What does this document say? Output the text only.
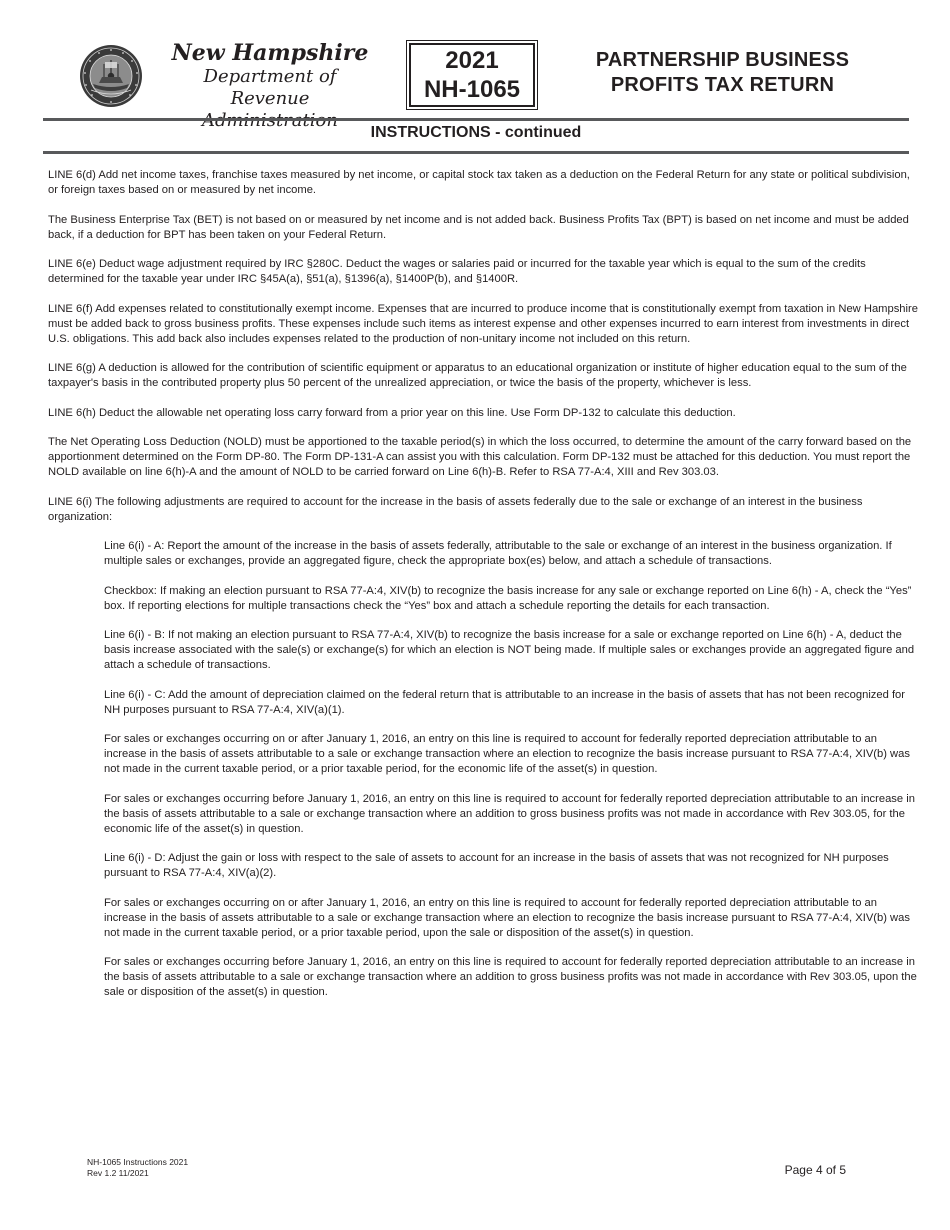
New Hampshire
Department of
Revenue
2021
NH-1065
PARTNERSHIP BUSINESS
PROFITS TAX RETURN
INSTRUCTIONS - continued

LINE 6(d) Add net income taxes, franchise taxes measured by net income, or capital stock tax taken as a deduction on the Federal Return for any state or political subdivision, or foreign taxes based on or measured by net income.

The Business Enterprise Tax (BET) is not based on or measured by net income and is not added back. Business Profits Tax (BPT) is based on net income and must be added back, if a deduction for BPT has been taken on your Federal Return.

LINE 6(e) Deduct wage adjustment required by IRC §280C. Deduct the wages or salaries paid or incurred for the taxable year which is equal to the sum of the credits determined for the taxable year under IRC §45A(a), §51(a), §1396(a), §1400P(b), and §1400R.

LINE 6(f) Add expenses related to constitutionally exempt income. Expenses that are incurred to produce income that is constitutionally exempt from taxation in New Hampshire must be added back to gross business profits. These expenses include such items as interest expense and other expenses incurred to earn interest from investments in direct U.S. obligations. This add back also includes expenses related to the production of non-unitary income not included on this return.

LINE 6(g) A deduction is allowed for the contribution of scientific equipment or apparatus to an educational organization or institute of higher education equal to the sum of the taxpayer's basis in the contributed property plus 50 percent of the unrealized appreciation, or twice the basis of the property, whichever is less.

LINE 6(h) Deduct the allowable net operating loss carry forward from a prior year on this line. Use Form DP-132 to calculate this deduction.

The Net Operating Loss Deduction (NOLD) must be apportioned to the taxable period(s) in which the loss occurred, to determine the amount of the carry forward based on the apportionment determined on the Form DP-80. The Form DP-131-A can assist you with this calculation. Form DP-132 must be attached for this deduction. You must report the NOLD available on line 6(h)-A and the amount of NOLD to be carried forward on Line 6(h)-B. Refer to RSA 77-A:4, XIII and Rev 303.03.

LINE 6(i) The following adjustments are required to account for the increase in the basis of assets federally due to the sale or exchange of an interest in the business organization:

Line 6(i) - A: Report the amount of the increase in the basis of assets federally, attributable to the sale or exchange of an interest in the business organization. If multiple sales or exchanges, provide an aggregated figure, check the appropriate box(es) below, and attach a schedule of transactions.

Checkbox: If making an election pursuant to RSA 77-A:4, XIV(b) to recognize the basis increase for any sale or exchange reported on Line 6(h) - A, check the “Yes” box. If reporting elections for multiple transactions check the “Yes” box and attach a schedule reporting the details for each transaction.

Line 6(i) - B: If not making an election pursuant to RSA 77-A:4, XIV(b) to recognize the basis increase for a sale or exchange reported on Line 6(h) - A, deduct the basis increase associated with the sale(s) or exchange(s) for which an election is NOT being made. If multiple sales or exchanges provide an aggregated figure and attach a schedule of transactions.

Line 6(i) - C: Add the amount of depreciation claimed on the federal return that is attributable to an increase in the basis of assets that has not been recognized for NH purposes pursuant to RSA 77-A:4, XIV(a)(1).

For sales or exchanges occurring on or after January 1, 2016, an entry on this line is required to account for federally reported depreciation attributable to an increase in the basis of assets attributable to a sale or exchange transaction where an election to recognize the basis increase pursuant to RSA 77-A:4, XIV(b) was not made in the current taxable period, or a prior taxable period, for the economic life of the asset(s) in question.

For sales or exchanges occurring before January 1, 2016, an entry on this line is required to account for federally reported depreciation attributable to an increase in the basis of assets attributable to a sale or exchange transaction where an addition to gross business profits was not made in accordance with Rev 303.05, for the economic life of the asset(s) in question.

Line 6(i) - D: Adjust the gain or loss with respect to the sale of assets to account for an increase in the basis of assets that was not recognized for NH purposes pursuant to RSA 77-A:4, XIV(a)(2).

For sales or exchanges occurring on or after January 1, 2016, an entry on this line is required to account for federally reported depreciation attributable to an increase in the basis of assets attributable to a sale or exchange transaction where an election to recognize the basis increase pursuant to RSA 77-A:4, XIV(b) was not made in the current taxable period, or a prior taxable period, upon the sale or disposition of the asset(s) in question.

For sales or exchanges occurring before January 1, 2016, an entry on this line is required to account for federally reported depreciation attributable to an increase in the basis of assets attributable to a sale or exchange transaction where an addition to gross business profits was not made in accordance with Rev 303.05, upon the sale or disposition of the asset(s) in question.

NH-1065 Instructions 2021
Rev 1.2 11/2021	Page 4 of 5
